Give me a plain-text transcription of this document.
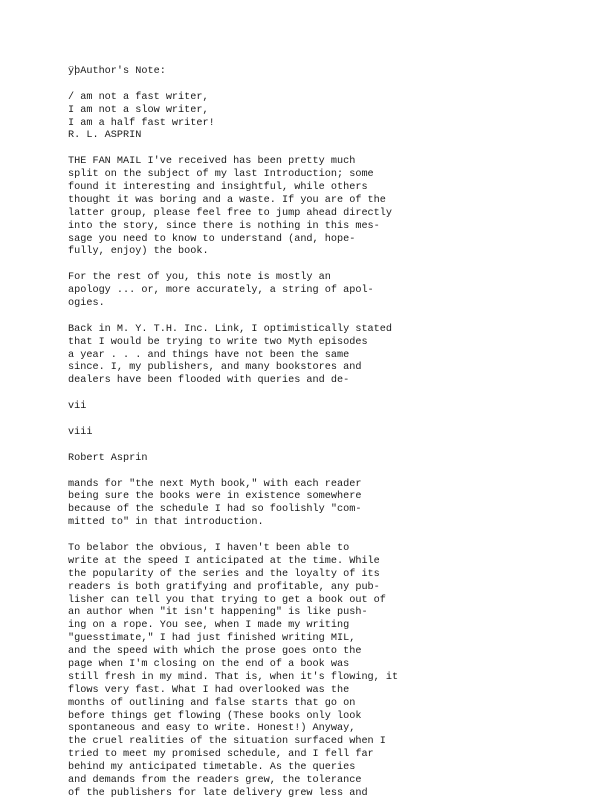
ÿþAuthor's Note:
/ am not a fast writer,
I am not a slow writer,
I am a half fast writer!
R. L. ASPRIN
THE FAN MAIL I've received has been pretty much
split on the subject of my last Introduction; some
found it interesting and insightful, while others
thought it was boring and a waste. If you are of the
latter group, please feel free to jump ahead directly
into the story, since there is nothing in this mes-
sage you need to know to understand (and, hope-
fully, enjoy) the book.
For the rest of you, this note is mostly an
apology ... or, more accurately, a string of apol-
ogies.
Back in M. Y. T.H. Inc. Link, I optimistically stated
that I would be trying to write two Myth episodes
a year . . . and things have not been the same
since. I, my publishers, and many bookstores and
dealers have been flooded with queries and de-
vii
viii
Robert Asprin
mands for "the next Myth book," with each reader
being sure the books were in existence somewhere
because of the schedule I had so foolishly "com-
mitted to" in that introduction.
To belabor the obvious, I haven't been able to
write at the speed I anticipated at the time. While
the popularity of the series and the loyalty of its
readers is both gratifying and profitable, any pub-
lisher can tell you that trying to get a book out of
an author when "it isn't happening" is like push-
ing on a rope. You see, when I made my writing
"guesstimate," I had just finished writing MIL,
and the speed with which the prose goes onto the
page when I'm closing on the end of a book was
still fresh in my mind. That is, when it's flowing, it
flows very fast. What I had overlooked was the
months of outlining and false starts that go on
before things get flowing (These books only look
spontaneous and easy to write. Honest!) Anyway,
the cruel realities of the situation surfaced when I
tried to meet my promised schedule, and I fell far
behind my anticipated timetable. As the queries
and demands from the readers grew, the tolerance
of the publishers for late delivery grew less and
